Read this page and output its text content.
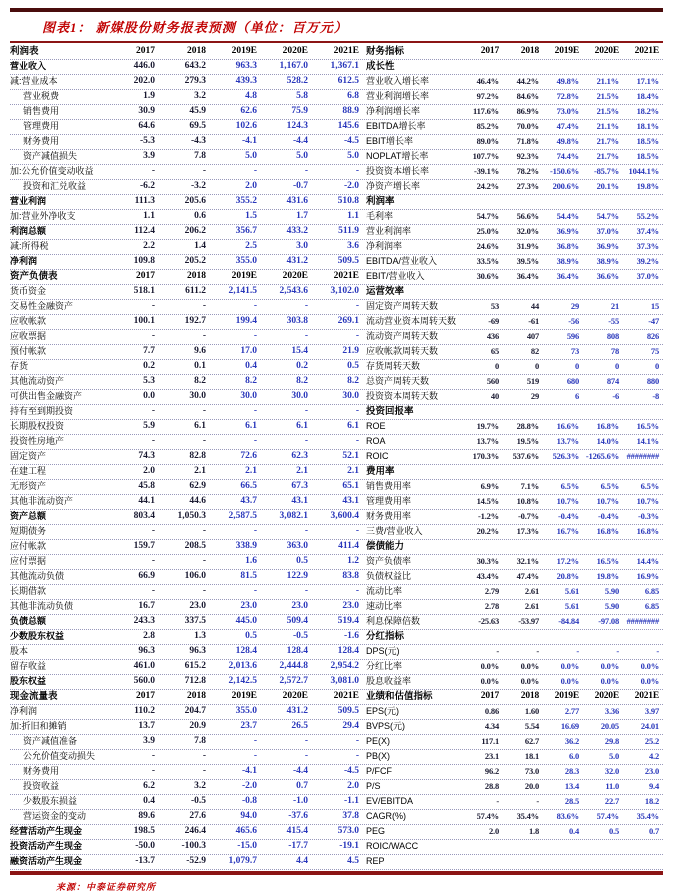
图表1： 新媒股份财务报表预测（单位：百万元）
利润表	2017	2018	2019E	2020E	2021E 财务指标	2017	2018	2019E	2020E	2021E
营业收入	446.0	643.2	963.3	1,167.0	1,367.1 成长性
减:营业成本	202.0	279.3	439.3	528.2	612.5 营业收入增长率	46.4%	44.2%	49.8%	21.1%	17.1%
营业税费	1.9	3.2	4.8	5.8	6.8 营业利润增长率	97.2%	84.6%	72.8%	21.5%	18.4%
销售费用	30.9	45.9	62.6	75.9	88.9 净利润增长率	117.6%	86.9%	73.0%	21.5%	18.2%
管理费用	64.6	69.5	102.6	124.3	145.6 EBITDA增长率	85.2%	70.0%	47.4%	21.1%	18.1%
财务费用	-5.3	-4.3	-4.1	-4.4	-4.5 EBIT增长率	89.0%	71.8%	49.8%	21.7%	18.5%
资产减值损失	3.9	7.8	5.0	5.0	5.0 NOPLAT增长率	107.7%	92.3%	74.4%	21.7%	18.5%
加:公允价值变动收益	-	-	-	-	- 投资资本增长率	-39.1%	78.2%	-150.6%	-85.7%	1044.1%
投资和汇兑收益	-6.2	-3.2	2.0	-0.7	-2.0 净资产增长率	24.2%	27.3%	200.6%	20.1%	19.8%
营业利润	111.3	205.6	355.2	431.6	510.8 利润率
加:营业外净收支	1.1	0.6	1.5	1.7	1.1 毛利率	54.7%	56.6%	54.4%	54.7%	55.2%
利润总额	112.4	206.2	356.7	433.2	511.9 营业利润率	25.0%	32.0%	36.9%	37.0%	37.4%
减:所得税	2.2	1.4	2.5	3.0	3.6 净利润率	24.6%	31.9%	36.8%	36.9%	37.3%
净利润	109.8	205.2	355.0	431.2	509.5 EBITDA/营业收入	33.5%	39.5%	38.9%	38.9%	39.2%
资产负债表	2017	2018	2019E	2020E	2021E EBIT/营业收入	30.6%	36.4%	36.4%	36.6%	37.0%
货币资金	518.1	611.2	2,141.5	2,543.6	3,102.0 运营效率
交易性金融资产	-	-	-	-	- 固定资产周转天数	53	44	29	21	15
应收帐款	100.1	192.7	199.4	303.8	269.1 流动营业资本周转天数	-69	-61	-56	-55	-47
应收票据	-	-	-	-	- 流动资产周转天数	436	407	596	808	826
预付帐款	7.7	9.6	17.0	15.4	21.9 应收帐款周转天数	65	82	73	78	75
存货	0.2	0.1	0.4	0.2	0.5 存货周转天数	0	0	0	0	0
其他流动资产	5.3	8.2	8.2	8.2	8.2 总资产周转天数	560	519	680	874	880
可供出售金融资产	0.0	30.0	30.0	30.0	30.0 投资资本周转天数	40	29	6	-6	-8
持有至到期投资	-	-	-	-	- 投资回报率
长期股权投资	5.9	6.1	6.1	6.1	6.1 ROE	19.7%	28.8%	16.6%	16.8%	16.5%
投资性房地产	-	-	-	-	- ROA	13.7%	19.5%	13.7%	14.0%	14.1%
固定资产	74.3	82.8	72.6	62.3	52.1 ROIC	170.3%	537.6%	526.3% -1265.6% ########
在建工程	2.0	2.1	2.1	2.1	2.1 费用率
无形资产	45.8	62.9	66.5	67.3	65.1 销售费用率	6.9%	7.1%	6.5%	6.5%	6.5%
其他非流动资产	44.1	44.6	43.7	43.1	43.1 管理费用率	14.5%	10.8%	10.7%	10.7%	10.7%
资产总额	803.4	1,050.3	2,587.5	3,082.1	3,600.4 财务费用率	-1.2%	-0.7%	-0.4%	-0.4%	-0.3%
短期债务	-	-	-	-	- 三费/营业收入	20.2%	17.3%	16.7%	16.8%	16.8%
应付帐款	159.7	208.5	338.9	363.0	411.4 偿债能力
应付票据	-	-	1.6	0.5	1.2 资产负债率	30.3%	32.1%	17.2%	16.5%	14.4%
其他流动负债	66.9	106.0	81.5	122.9	83.8 负债权益比	43.4%	47.4%	20.8%	19.8%	16.9%
长期借款	-	-	-	-	- 流动比率	2.79	2.61	5.61	5.90	6.85
其他非流动负债	16.7	23.0	23.0	23.0	23.0 速动比率	2.78	2.61	5.61	5.90	6.85
负债总额	243.3	337.5	445.0	509.4	519.4 利息保障倍数	-25.63	-53.97	-84.84	-97.08 ########
少数股东权益	2.8	1.3	0.5	-0.5	-1.6 分红指标
股本	96.3	96.3	128.4	128.4	128.4 DPS(元)	-	-	-	-	-
留存收益	461.0	615.2	2,013.6	2,444.8	2,954.2 分红比率	0.0%	0.0%	0.0%	0.0%	0.0%
股东权益	560.0	712.8	2,142.5	2,572.7	3,081.0 股息收益率	0.0%	0.0%	0.0%	0.0%	0.0%
现金流量表	2017	2018	2019E	2020E	2021E 业绩和估值指标	2017	2018	2019E	2020E	2021E
净利润	110.2	204.7	355.0	431.2	509.5 EPS(元)	0.86	1.60	2.77	3.36	3.97
加:折旧和摊销	13.7	20.9	23.7	26.5	29.4 BVPS(元)	4.34	5.54	16.69	20.05	24.01
资产减值准备	3.9	7.8	-	-	- PE(X)	117.1	62.7	36.2	29.8	25.2
公允价值变动损失	-	-	-	-	- PB(X)	23.1	18.1	6.0	5.0	4.2
财务费用	-	-	-4.1	-4.4	-4.5 P/FCF	96.2	73.0	28.3	32.0	23.0
投资收益	6.2	3.2	-2.0	0.7	2.0 P/S	28.8	20.0	13.4	11.0	9.4
少数股东损益	0.4	-0.5	-0.8	-1.0	-1.1 EV/EBITDA	-	-	28.5	22.7	18.2
营运资金的变动	89.6	27.6	94.0	-37.6	37.8 CAGR(%)	57.4%	35.4%	83.6%	57.4%	35.4%
经营活动产生现金	198.5	246.4	465.6	415.4	573.0 PEG	2.0	1.8	0.4	0.5	0.7
投资活动产生现金	-50.0	-100.3	-15.0	-17.7	-19.1 ROIC/WACC
融资活动产生现金	-13.7	-52.9	1,079.7	4.4	4.5 REP
来源：中泰证券研究所
